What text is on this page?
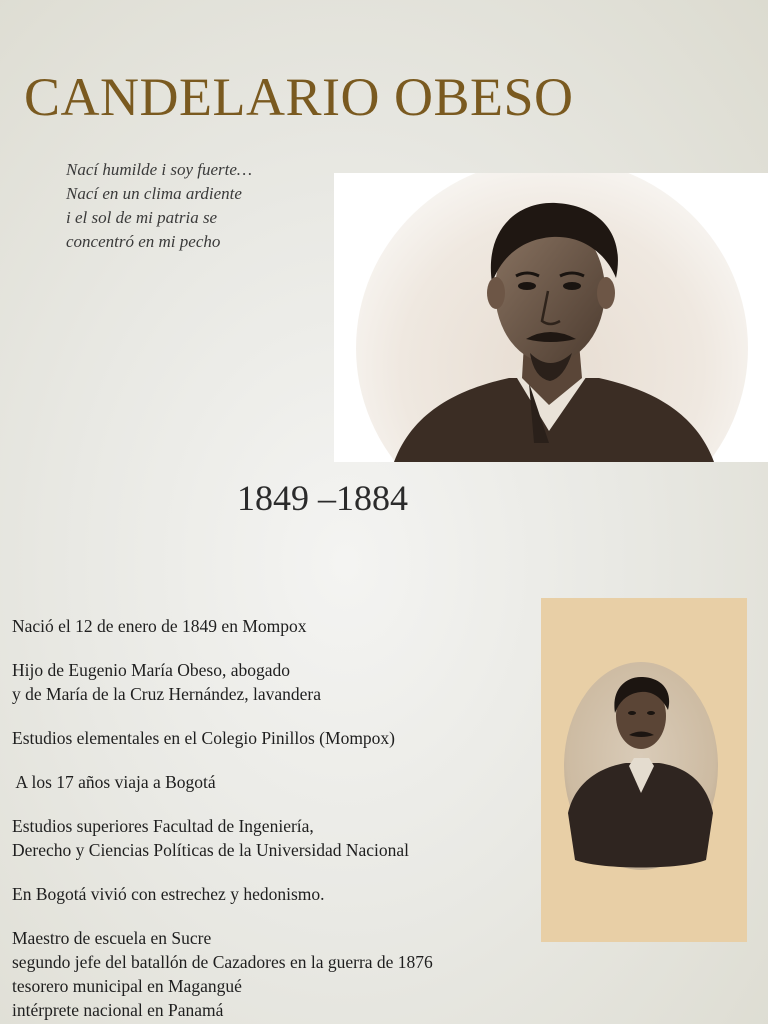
CANDELARIO OBESO
Nací humilde i soy fuerte…
Nací en un clima ardiente
i el sol de mi patria se
concentró en mi pecho
1849 –1884
Nació el 12 de enero de 1849 en Mompox
Hijo de Eugenio María Obeso, abogado
y de María de la Cruz Hernández, lavandera
Estudios elementales en el Colegio Pinillos (Mompox)
A los 17 años viaja a Bogotá
Estudios superiores Facultad de Ingeniería,
Derecho y Ciencias Políticas de la Universidad Nacional
En Bogotá vivió con estrechez y hedonismo.
Maestro de escuela en Sucre
segundo jefe del batallón de Cazadores en la guerra de 1876
tesorero municipal en Magangué
intérprete nacional en Panamá
